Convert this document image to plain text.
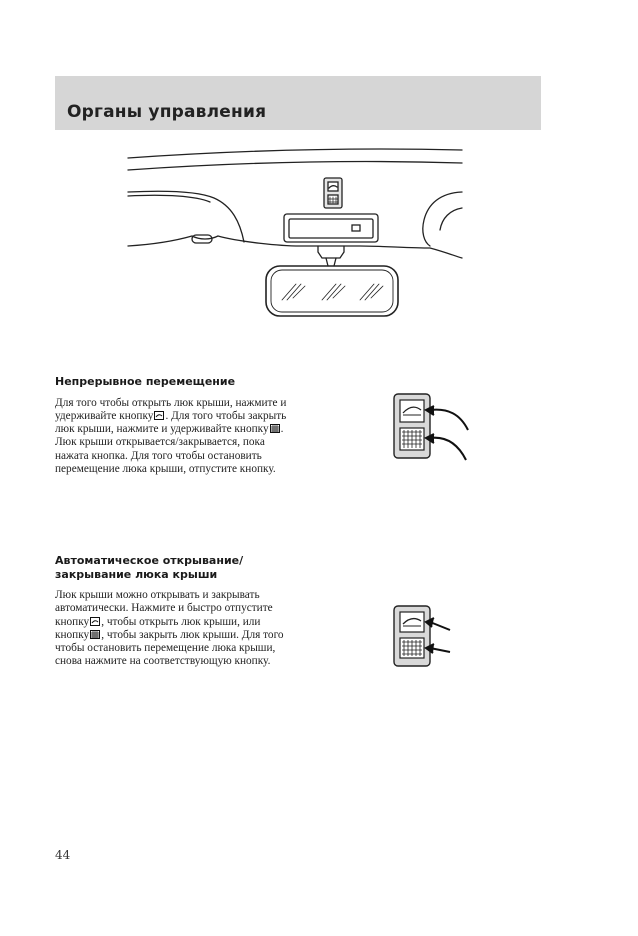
Органы управления
Непрерывное перемещение

Для того чтобы открыть люк крыши, нажмите и удерживайте кнопку . Для того чтобы закрыть люк крыши, нажмите и удерживайте кнопку . Люк крыши открывается/закрывается, пока нажата кнопка. Для того чтобы остановить перемещение люка крыши, отпустите кнопку.

Автоматическое открывание/закрывание люка крыши

Люк крыши можно открывать и закрывать автоматически. Нажмите и быстро отпустите кнопку , чтобы открыть люк крыши, или кнопку , чтобы закрыть люк крыши. Для того чтобы остановить перемещение люка крыши, снова нажмите на соответствующую кнопку.

44
